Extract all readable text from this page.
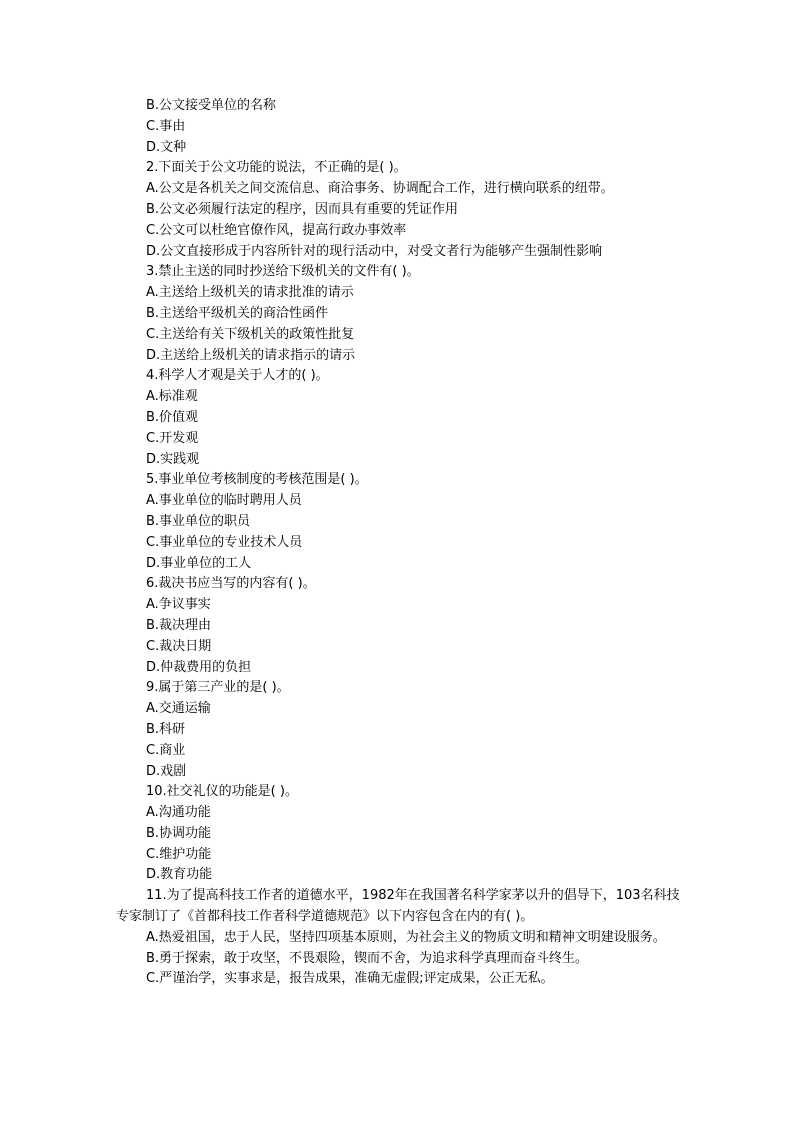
B.公文接受单位的名称
C.事由
D.文种
2.下面关于公文功能的说法，不正确的是( )。
A.公文是各机关之间交流信息、商洽事务、协调配合工作，进行横向联系的纽带。
B.公文必须履行法定的程序，因而具有重要的凭证作用
C.公文可以杜绝官僚作风，提高行政办事效率
D.公文直接形成于内容所针对的现行活动中，对受文者行为能够产生强制性影响
3.禁止主送的同时抄送给下级机关的文件有( )。
A.主送给上级机关的请求批准的请示
B.主送给平级机关的商洽性函件
C.主送给有关下级机关的政策性批复
D.主送给上级机关的请求指示的请示
4.科学人才观是关于人才的( )。
A.标准观
B.价值观
C.开发观
D.实践观
5.事业单位考核制度的考核范围是( )。
A.事业单位的临时聘用人员
B.事业单位的职员
C.事业单位的专业技术人员
D.事业单位的工人
6.裁决书应当写的内容有( )。
A.争议事实
B.裁决理由
C.裁决日期
D.仲裁费用的负担
9.属于第三产业的是( )。
A.交通运输
B.科研
C.商业
D.戏剧
10.社交礼仪的功能是( )。
A.沟通功能
B.协调功能
C.维护功能
D.教育功能
11.为了提高科技工作者的道德水平，1982年在我国著名科学家茅以升的倡导下，103名科技专家制订了《首都科技工作者科学道德规范》以下内容包含在内的有( )。
A.热爱祖国，忠于人民，坚持四项基本原则，为社会主义的物质文明和精神文明建设服务。
B.勇于探索，敢于攻坚，不畏艰险，锲而不舍，为追求科学真理而奋斗终生。
C.严谨治学，实事求是，报告成果，准确无虚假;评定成果，公正无私。
